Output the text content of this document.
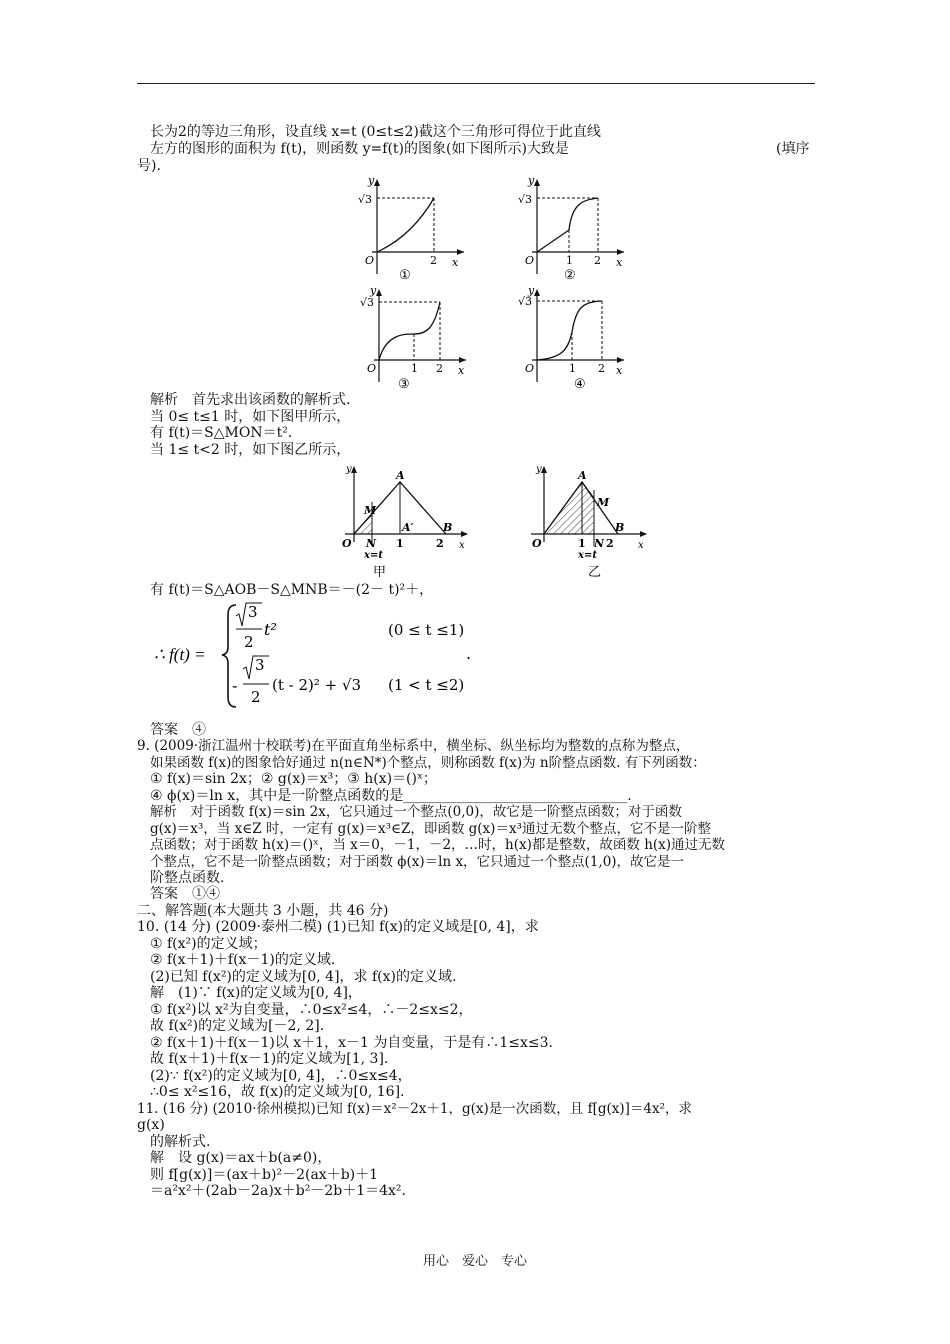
长为2的等边三角形，设直线 x=t (0≤t≤2)截这个三角形可得位于此直线
左方的图形的面积为 f(t)，则函数 y=f(t)的图象(如下图所示)大致是	(填序
号).
y
x
O
√3
2
①
y
x
O
√3
1 2
②
y
x
O
√3
1 2
③
y
x
O
√3
1 2
④
解析　首先求出该函数的解析式.
当 0≤ t≤1 时，如下图甲所示，
有 f(t)＝S△MON＝t².
当 1≤ t<2 时，如下图乙所示，
y
x
O
A
A′
M
N
B
1	2
x=t
甲
y
x
O
A
M
N
B
1 2
x=t
乙
有 f(t)＝S△AOB－S△MNB＝－(2－ t)²＋，
∴ f(t) =
3
2
t²	(0 ≤ t ≤1)
-
3
2
(t - 2)² + √3 (1 < t ≤2)
.
答案　④
9. (2009·浙江温州十校联考)在平面直角坐标系中，横坐标、纵坐标均为整数的点称为整点，
如果函数 f(x)的图象恰好通过 n(n∈N*)个整点，则称函数 f(x)为 n阶整点函数. 有下列函数：
① f(x)＝sin 2x；② g(x)＝x³；③ h(x)＝()ˣ；
④ ϕ(x)＝ln x，其中是一阶整点函数的是________________________________.
解析　对于函数 f(x)＝sin 2x，它只通过一个整点(0,0)，故它是一阶整点函数；对于函数
g(x)＝x³，当 x∈Z 时，一定有 g(x)＝x³∈Z，即函数 g(x)＝x³通过无数个整点，它不是一阶整
点函数；对于函数 h(x)＝()ˣ，当 x＝0，－1，－2，…时，h(x)都是整数，故函数 h(x)通过无数
个整点，它不是一阶整点函数；对于函数 ϕ(x)＝ln x，它只通过一个整点(1,0)，故它是一
阶整点函数.
答案　①④
二、解答题(本大题共 3 小题，共 46 分)
10. (14 分) (2009·泰州二模) (1)已知 f(x)的定义域是[0, 4]，求
① f(x²)的定义域；
② f(x＋1)＋f(x－1)的定义域.
(2)已知 f(x²)的定义域为[0, 4]，求 f(x)的定义域.
解　(1)∵ f(x)的定义域为[0, 4]，
① f(x²)以 x²为自变量，∴0≤x²≤4，∴－2≤x≤2，
故 f(x²)的定义域为[－2, 2].
② f(x＋1)＋f(x－1)以 x＋1，x－1 为自变量，于是有∴1≤x≤3.
故 f(x＋1)＋f(x－1)的定义域为[1, 3].
(2)∵ f(x²)的定义域为[0, 4]，∴0≤x≤4，
∴0≤ x²≤16，故 f(x)的定义域为[0, 16].
11. (16 分) (2010·徐州模拟)已知 f(x)＝x²－2x＋1，g(x)是一次函数，且 f[g(x)]＝4x²，求
g(x)
的解析式.
解　设 g(x)＝ax＋b(a≠0)，
则 f[g(x)]＝(ax＋b)²－2(ax＋b)＋1
＝a²x²＋(2ab－2a)x＋b²－2b＋1＝4x².
用心　爱心　专心
